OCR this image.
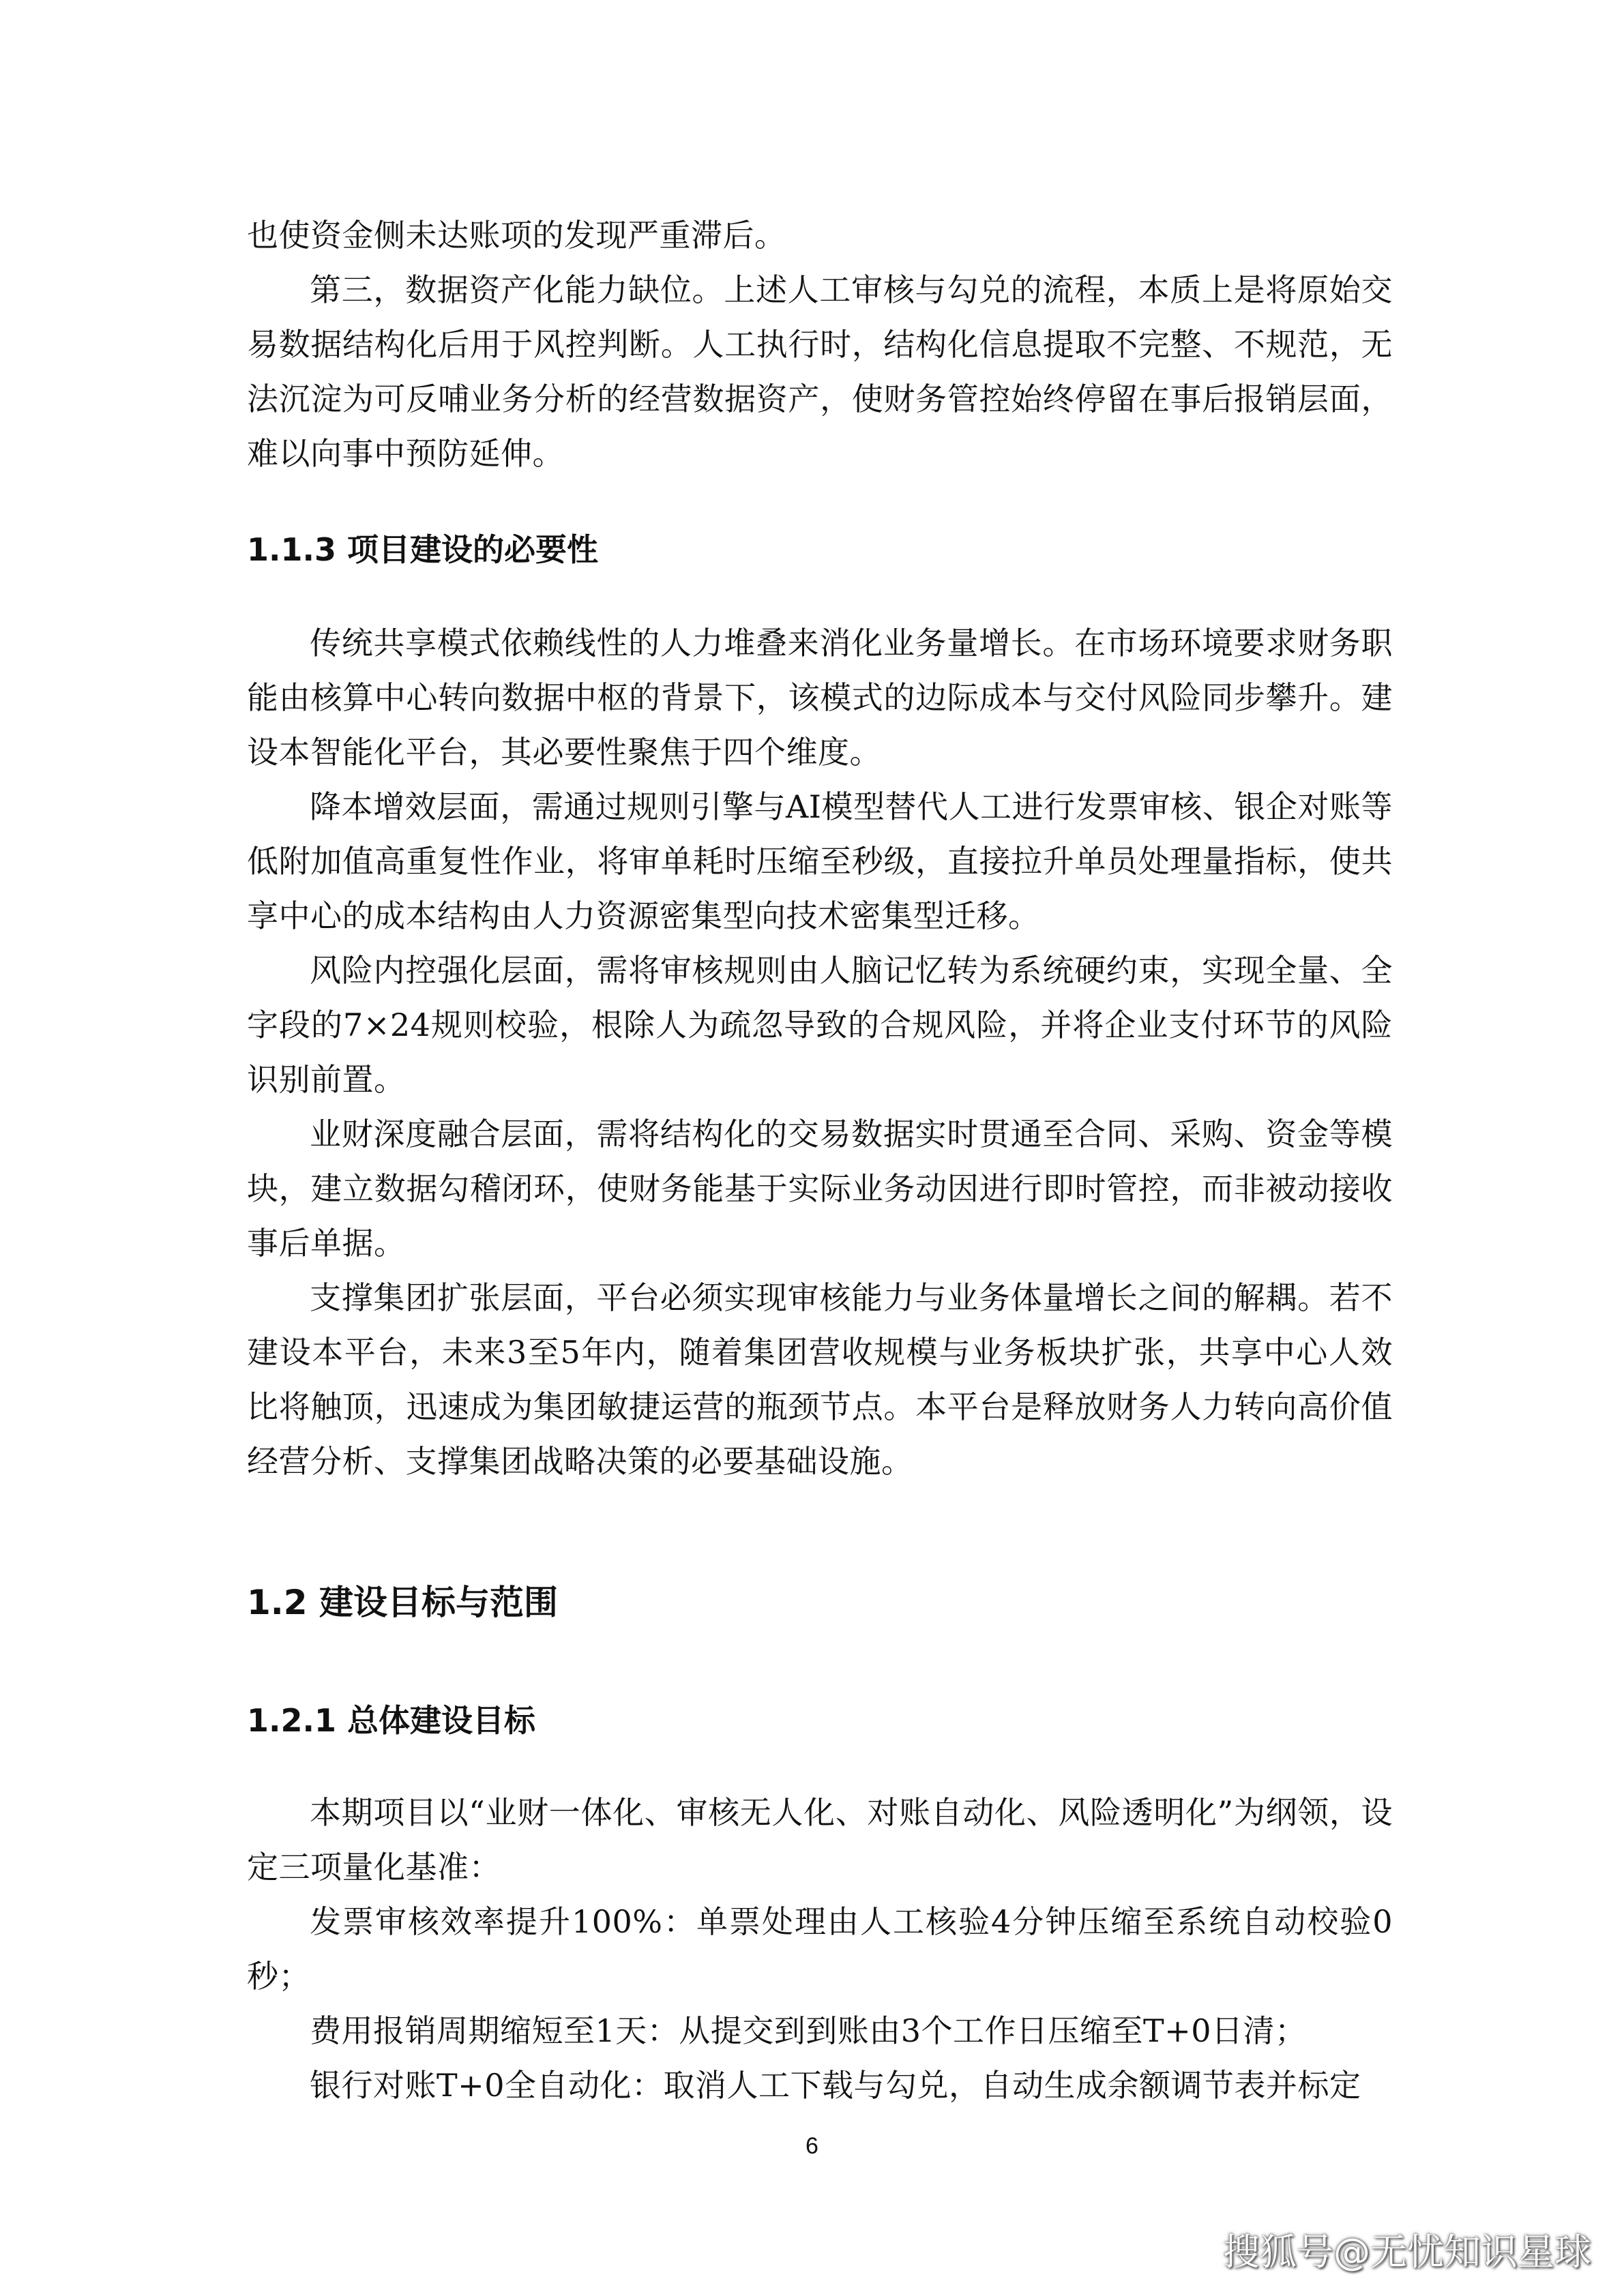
也使资金侧未达账项的发现严重滞后。

第三，数据资产化能力缺位。上述人工审核与勾兑的流程，本质上是将原始交易数据结构化后用于风控判断。人工执行时，结构化信息提取不完整、不规范，无法沉淀为可反哺业务分析的经营数据资产，使财务管控始终停留在事后报销层面，难以向事中预防延伸。

1.1.3 项目建设的必要性

传统共享模式依赖线性的人力堆叠来消化业务量增长。在市场环境要求财务职能由核算中心转向数据中枢的背景下，该模式的边际成本与交付风险同步攀升。建设本智能化平台，其必要性聚焦于四个维度。

降本增效层面，需通过规则引擎与AI模型替代人工进行发票审核、银企对账等低附加值高重复性作业，将审单耗时压缩至秒级，直接拉升单员处理量指标，使共享中心的成本结构由人力资源密集型向技术密集型迁移。

风险内控强化层面，需将审核规则由人脑记忆转为系统硬约束，实现全量、全字段的7×24规则校验，根除人为疏忽导致的合规风险，并将企业支付环节的风险识别前置。

业财深度融合层面，需将结构化的交易数据实时贯通至合同、采购、资金等模块，建立数据勾稽闭环，使财务能基于实际业务动因进行即时管控，而非被动接收事后单据。

支撑集团扩张层面，平台必须实现审核能力与业务体量增长之间的解耦。若不建设本平台，未来3至5年内，随着集团营收规模与业务板块扩张，共享中心人效比将触顶，迅速成为集团敏捷运营的瓶颈节点。本平台是释放财务人力转向高价值经营分析、支撑集团战略决策的必要基础设施。

1.2 建设目标与范围
1.2.1 总体建设目标

本期项目以“业财一体化、审核无人化、对账自动化、风险透明化”为纲领，设定三项量化基准：

发票审核效率提升100%：单票处理由人工核验4分钟压缩至系统自动校验0秒；

费用报销周期缩短至1天：从提交到到账由3个工作日压缩至T+0日清；

银行对账T+0全自动化：取消人工下载与勾兑，自动生成余额调节表并标定

6
搜狐号@无忧知识星球
